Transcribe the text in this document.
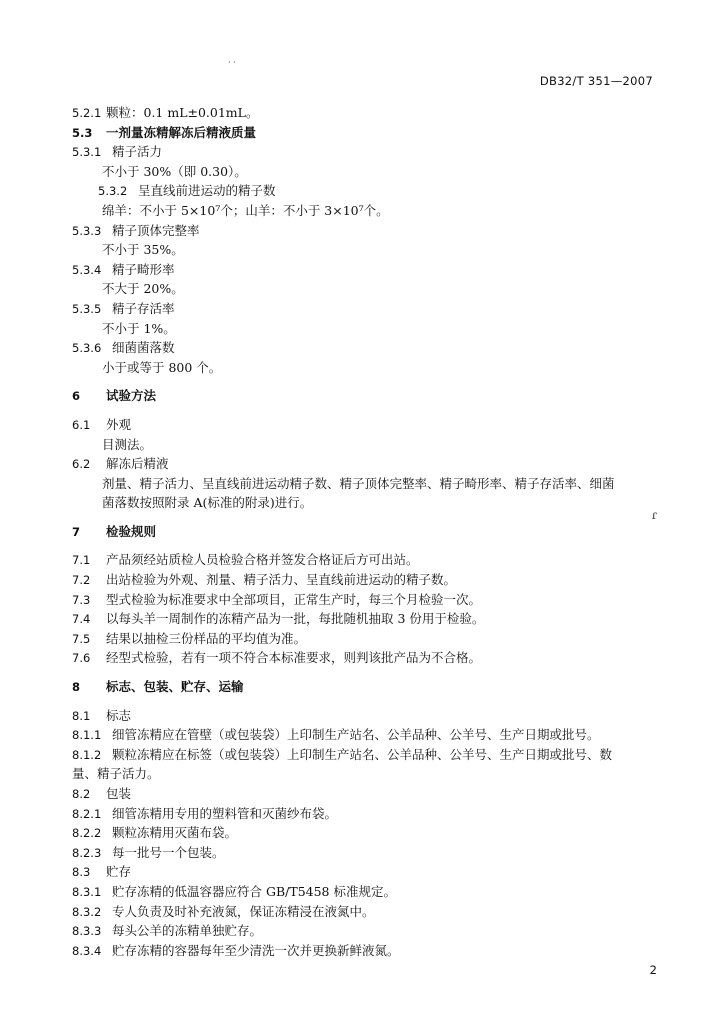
· ·
DB32/T 351—2007
5.2.1 颗粒：0.1 mL±0.01mL。
5.3 一剂量冻精解冻后精液质量
5.3.1 精子活力
不小于 30%（即 0.30）。
5.3.2 呈直线前进运动的精子数
绵羊：不小于 5×10⁷个；山羊：不小于 3×10⁷个。
5.3.3 精子顶体完整率
不小于 35%。
5.3.4 精子畸形率
不大于 20%。
5.3.5 精子存活率
不小于 1%。
5.3.6 细菌菌落数
小于或等于 800 个。
6 试验方法
6.1 外观
目测法。
6.2 解冻后精液
剂量、精子活力、呈直线前进运动精子数、精子顶体完整率、精子畸形率、精子存活率、细菌
菌落数按照附录 A(标准的附录)进行。
7 检验规则
7.1 产品须经站质检人员检验合格并签发合格证后方可出站。
7.2 出站检验为外观、剂量、精子活力、呈直线前进运动的精子数。
7.3 型式检验为标准要求中全部项目，正常生产时，每三个月检验一次。
7.4 以每头羊一周制作的冻精产品为一批，每批随机抽取 3 份用于检验。
7.5 结果以抽检三份样品的平均值为准。
7.6 经型式检验，若有一项不符合本标准要求，则判该批产品为不合格。
8 标志、包装、贮存、运输
8.1 标志
8.1.1 细管冻精应在管壁（或包装袋）上印制生产站名、公羊品种、公羊号、生产日期或批号。
8.1.2 颗粒冻精应在标签（或包装袋）上印制生产站名、公羊品种、公羊号、生产日期或批号、数
量、精子活力。
8.2 包装
8.2.1 细管冻精用专用的塑料管和灭菌纱布袋。
8.2.2 颗粒冻精用灭菌布袋。
8.2.3 每一批号一个包装。
8.3 贮存
8.3.1 贮存冻精的低温容器应符合 GB/T5458 标准规定。
8.3.2 专人负责及时补充液氮，保证冻精浸在液氮中。
8.3.3 每头公羊的冻精单独贮存。
8.3.4 贮存冻精的容器每年至少清洗一次并更换新鲜液氮。
ɾ
2
